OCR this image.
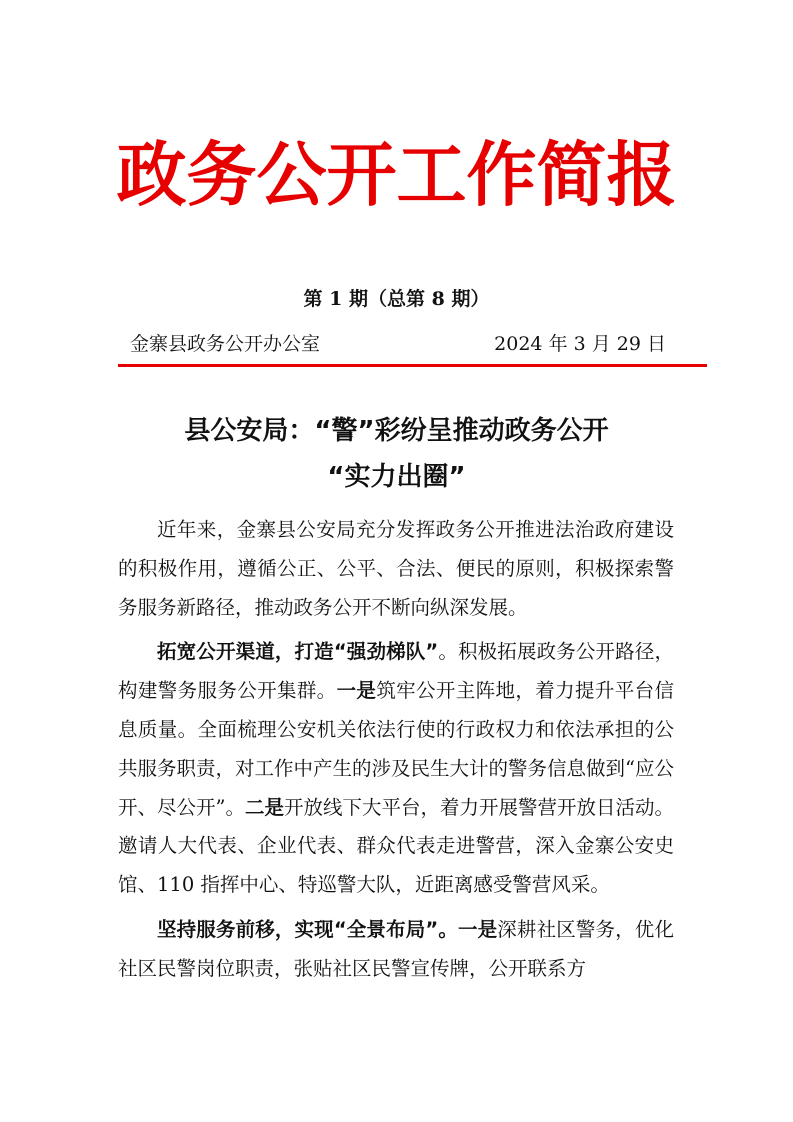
政务公开工作简报
第 1 期（总第 8 期）
金寨县政务公开办公室	2024 年 3 月 29 日
县公安局：“警”彩纷呈推动政务公开
“实力出圈”

近年来，金寨县公安局充分发挥政务公开推进法治政府建设的积极作用，遵循公正、公平、合法、便民的原则，积极探索警务服务新路径，推动政务公开不断向纵深发展。

拓宽公开渠道，打造“强劲梯队”。积极拓展政务公开路径，构建警务服务公开集群。一是筑牢公开主阵地，着力提升平台信息质量。全面梳理公安机关依法行使的行政权力和依法承担的公共服务职责，对工作中产生的涉及民生大计的警务信息做到“应公开、尽公开”。二是开放线下大平台，着力开展警营开放日活动。邀请人大代表、企业代表、群众代表走进警营，深入金寨公安史馆、110 指挥中心、特巡警大队，近距离感受警营风采。

坚持服务前移，实现“全景布局”。一是深耕社区警务，优化社区民警岗位职责，张贴社区民警宣传牌，公开联系方
